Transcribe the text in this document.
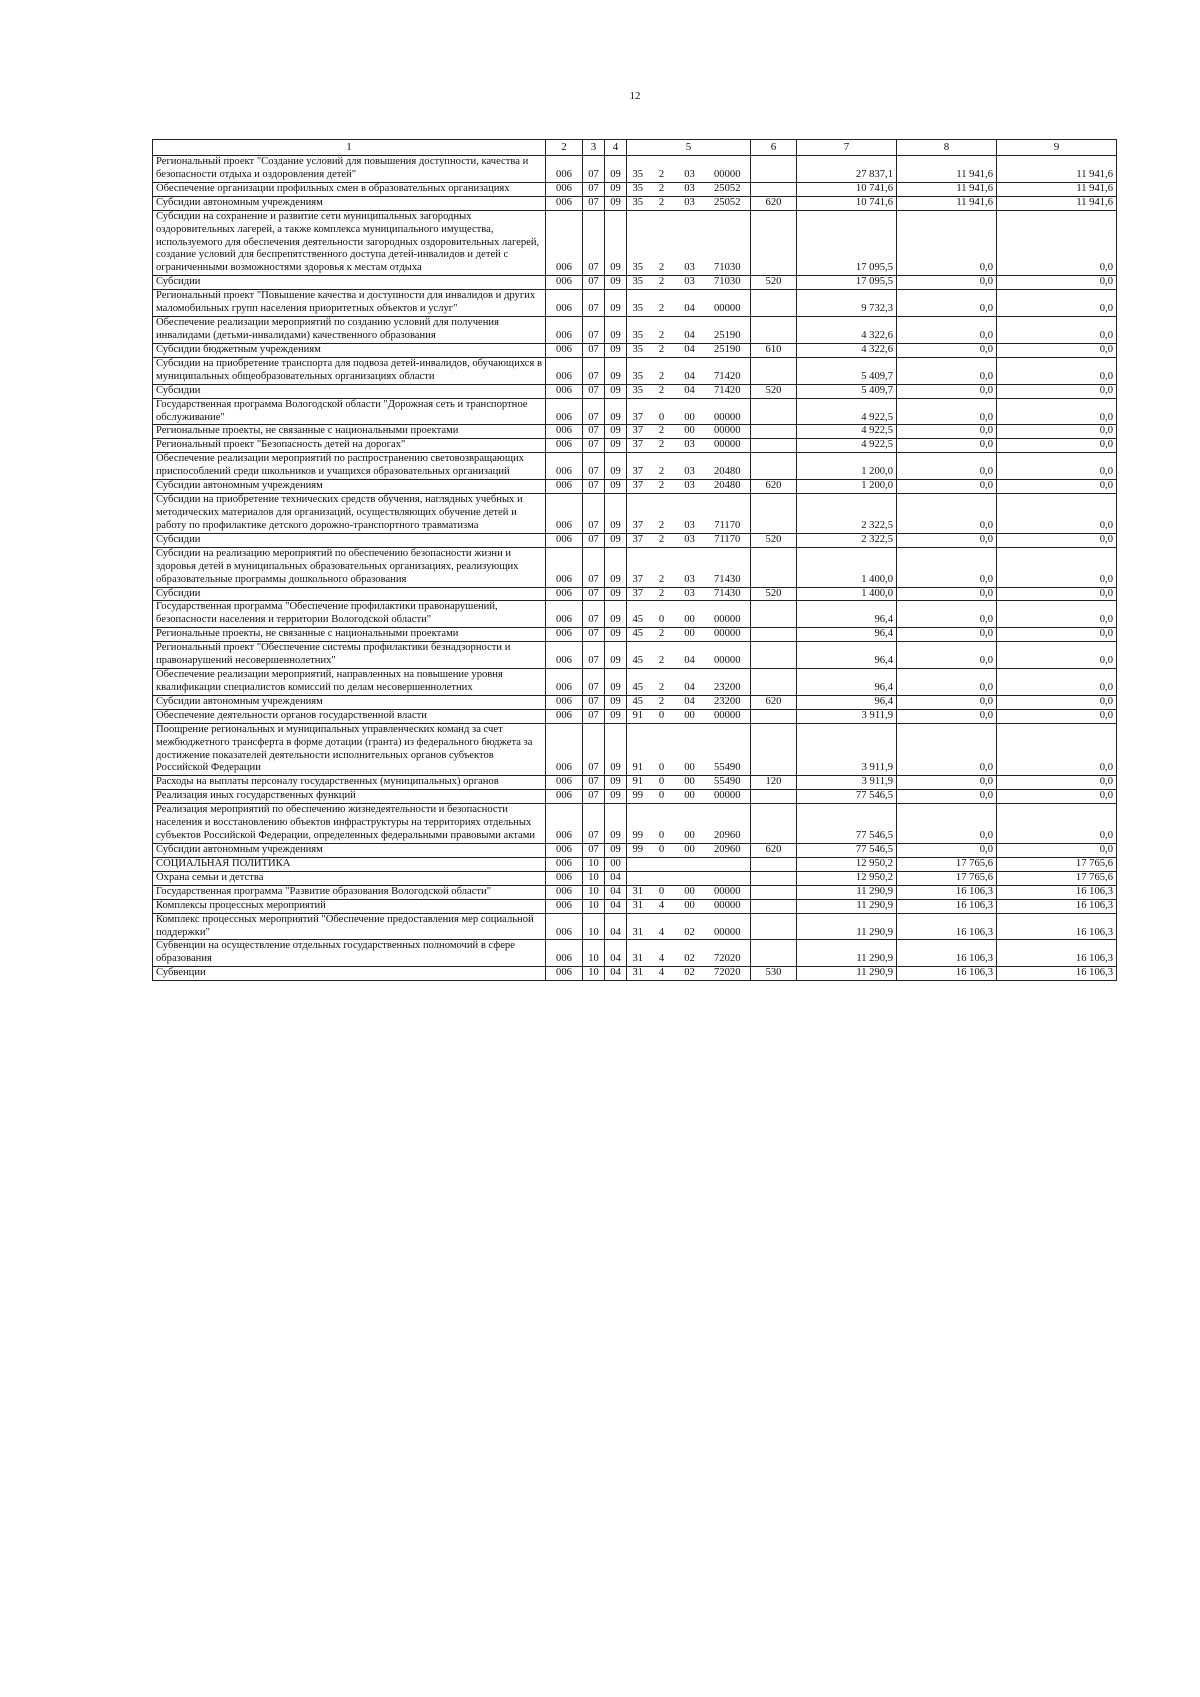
12
1	2	3	4	5				6	7	8	9
Региональный проект "Создание условий для повышения доступности, качества и безопасности отдыха и оздоровления детей"	006	07	09	35	2	03	00000		27 837,1	11 941,6	11 941,6
Обеспечение организации профильных смен в образовательных организациях	006	07	09	35	2	03	25052		10 741,6	11 941,6	11 941,6
Субсидии автономным учреждениям	006	07	09	35	2	03	25052	620	10 741,6	11 941,6	11 941,6
Субсидии на сохранение и развитие сети муниципальных загородных оздоровительных лагерей, а также комплекса муниципального имущества, используемого для обеспечения деятельности загородных оздоровительных лагерей, создание условий для беспрепятственного доступа детей-инвалидов и детей с ограниченными возможностями здоровья к местам отдыха	006	07	09	35	2	03	71030		17 095,5	0,0	0,0
Субсидии	006	07	09	35	2	03	71030	520	17 095,5	0,0	0,0
Региональный проект "Повышение качества и доступности для инвалидов и других маломобильных групп населения приоритетных объектов и услуг"	006	07	09	35	2	04	00000		9 732,3	0,0	0,0
Обеспечение реализации мероприятий по созданию условий для получения инвалидами (детьми-инвалидами) качественного образования	006	07	09	35	2	04	25190		4 322,6	0,0	0,0
Субсидии бюджетным учреждениям	006	07	09	35	2	04	25190	610	4 322,6	0,0	0,0
Субсидии на приобретение транспорта для подвоза детей-инвалидов, обучающихся в муниципальных общеобразовательных организациях области	006	07	09	35	2	04	71420		5 409,7	0,0	0,0
Субсидии	006	07	09	35	2	04	71420	520	5 409,7	0,0	0,0
Государственная программа Вологодской области "Дорожная сеть и транспортное обслуживание"	006	07	09	37	0	00	00000		4 922,5	0,0	0,0
Региональные проекты, не связанные с национальными проектами	006	07	09	37	2	00	00000		4 922,5	0,0	0,0
Региональный проект "Безопасность детей на дорогах"	006	07	09	37	2	03	00000		4 922,5	0,0	0,0
Обеспечение реализации мероприятий по распространению световозвращающих приспособлений среди школьников и учащихся образовательных организаций	006	07	09	37	2	03	20480		1 200,0	0,0	0,0
Субсидии автономным учреждениям	006	07	09	37	2	03	20480	620	1 200,0	0,0	0,0
Субсидии на приобретение технических средств обучения, наглядных учебных и методических материалов для организаций, осуществляющих обучение детей и работу по профилактике детского дорожно-транспортного травматизма	006	07	09	37	2	03	71170		2 322,5	0,0	0,0
Субсидии	006	07	09	37	2	03	71170	520	2 322,5	0,0	0,0
Субсидии на реализацию мероприятий по обеспечению безопасности жизни и здоровья детей в муниципальных образовательных организациях, реализующих образовательные программы дошкольного образования	006	07	09	37	2	03	71430		1 400,0	0,0	0,0
Субсидии	006	07	09	37	2	03	71430	520	1 400,0	0,0	0,0
Государственная программа "Обеспечение профилактики правонарушений, безопасности населения и территории Вологодской области"	006	07	09	45	0	00	00000		96,4	0,0	0,0
Региональные проекты, не связанные с национальными проектами	006	07	09	45	2	00	00000		96,4	0,0	0,0
Региональный проект "Обеспечение системы профилактики безнадзорности и правонарушений несовершеннолетних"	006	07	09	45	2	04	00000		96,4	0,0	0,0
Обеспечение реализации мероприятий, направленных на повышение уровня квалификации специалистов комиссий по делам несовершеннолетних	006	07	09	45	2	04	23200		96,4	0,0	0,0
Субсидии автономным учреждениям	006	07	09	45	2	04	23200	620	96,4	0,0	0,0
Обеспечение деятельности органов государственной власти	006	07	09	91	0	00	00000		3 911,9	0,0	0,0
Поощрение региональных и муниципальных управленческих команд за счет межбюджетного трансферта в форме дотации (гранта) из федерального бюджета за достижение показателей деятельности исполнительных органов субъектов Российской Федерации	006	07	09	91	0	00	55490		3 911,9	0,0	0,0
Расходы на выплаты персоналу государственных (муниципальных) органов	006	07	09	91	0	00	55490	120	3 911,9	0,0	0,0
Реализация иных государственных функций	006	07	09	99	0	00	00000		77 546,5	0,0	0,0
Реализация мероприятий по обеспечению жизнедеятельности и безопасности населения и восстановлению объектов инфраструктуры на территориях отдельных субъектов Российской Федерации, определенных федеральными правовыми актами	006	07	09	99	0	00	20960		77 546,5	0,0	0,0
Субсидии автономным учреждениям	006	07	09	99	0	00	20960	620	77 546,5	0,0	0,0
СОЦИАЛЬНАЯ ПОЛИТИКА	006	10	00						12 950,2	17 765,6	17 765,6
Охрана семьи и детства	006	10	04						12 950,2	17 765,6	17 765,6
Государственная программа "Развитие образования Вологодской области"	006	10	04	31	0	00	00000		11 290,9	16 106,3	16 106,3
Комплексы процессных мероприятий	006	10	04	31	4	00	00000		11 290,9	16 106,3	16 106,3
Комплекс процессных мероприятий "Обеспечение предоставления мер социальной поддержки"	006	10	04	31	4	02	00000		11 290,9	16 106,3	16 106,3
Субвенции на осуществление отдельных государственных полномочий в сфере образования	006	10	04	31	4	02	72020		11 290,9	16 106,3	16 106,3
Субвенции	006	10	04	31	4	02	72020	530	11 290,9	16 106,3	16 106,3
